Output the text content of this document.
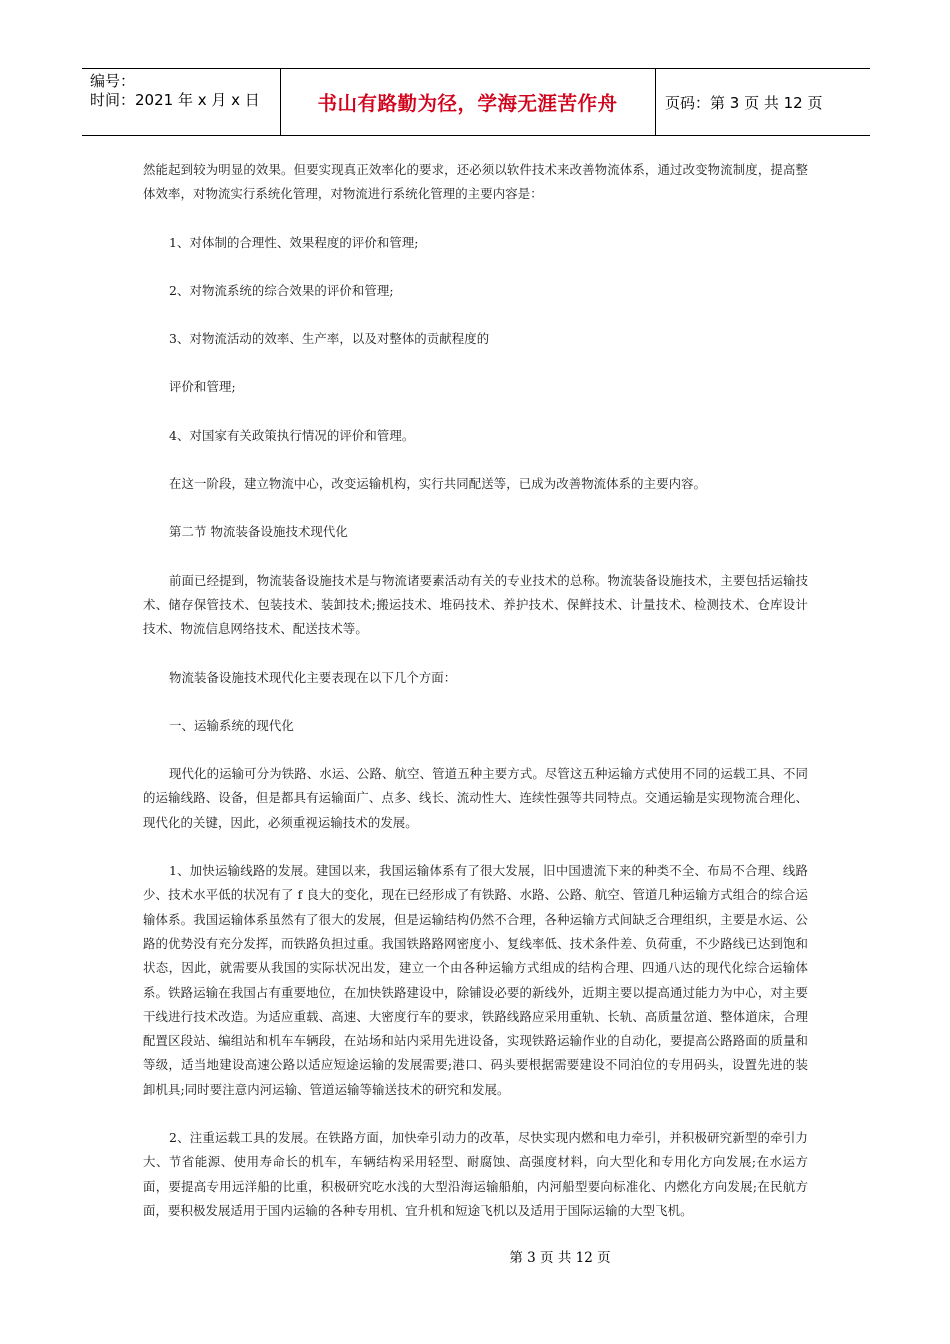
编号：
时间：2021 年 x 月 x 日	书山有路勤为径，学海无涯苦作舟	页码：第 3 页 共 12 页

然能起到较为明显的效果。但要实现真正效率化的要求，还必须以软件技术来改善物流体系，通过改变物流制度，提高整体效率，对物流实行系统化管理，对物流进行系统化管理的主要内容是：

1、对体制的合理性、效果程度的评价和管理;

2、对物流系统的综合效果的评价和管理;

3、对物流活动的效率、生产率，以及对整体的贡献程度的

评价和管理;

4、对国家有关政策执行情况的评价和管理。

在这一阶段，建立物流中心，改变运输机构，实行共同配送等，已成为改善物流体系的主要内容。

第二节 物流装备设施技术现代化

前面已经提到，物流装备设施技术是与物流诸要素活动有关的专业技术的总称。物流装备设施技术，主要包括运输技术、储存保管技术、包装技术、装卸技术;搬运技术、堆码技术、养护技术、保鲜技术、计量技术、检测技术、仓库设计技术、物流信息网络技术、配送技术等。

物流装备设施技术现代化主要表现在以下几个方面：

一、运输系统的现代化

现代化的运输可分为铁路、水运、公路、航空、管道五种主要方式。尽管这五种运输方式使用不同的运载工具、不同的运输线路、设备，但是都具有运输面广、点多、线长、流动性大、连续性强等共同特点。交通运输是实现物流合理化、现代化的关键，因此，必须重视运输技术的发展。

1、加快运输线路的发展。建国以来，我国运输体系有了很大发展，旧中国遗流下来的种类不全、布局不合理、线路少、技术水平低的状况有了 f 良大的变化，现在已经形成了有铁路、水路、公路、航空、管道几种运输方式组合的综合运输体系。我国运输体系虽然有了很大的发展，但是运输结构仍然不合理，各种运输方式间缺乏合理组织，主要是水运、公路的优势没有充分发挥，而铁路负担过重。我国铁路路网密度小、复线率低、技术条件差、负荷重，不少路线已达到饱和状态，因此，就需要从我国的实际状况出发，建立一个由各种运输方式组成的结构合理、四通八达的现代化综合运输体系。铁路运输在我国占有重要地位，在加快铁路建设中，除铺设必要的新线外，近期主要以提高通过能力为中心，对主要干线进行技术改造。为适应重载、高速、大密度行车的要求，铁路线路应采用重轨、长轨、高质量岔道、整体道床，合理配置区段站、编组站和机车车辆段，在站场和站内采用先进设备，实现铁路运输作业的自动化，要提高公路路面的质量和等级，适当地建设高速公路以适应短途运输的发展需要;港口、码头要根据需要建设不同泊位的专用码头，设置先进的装卸机具;同时要注意内河运输、管道运输等输送技术的研究和发展。

2、注重运载工具的发展。在铁路方面，加快牵引动力的改革，尽快实现内燃和电力牵引，并积极研究新型的牵引力大、节省能源、使用寿命长的机车，车辆结构采用轻型、耐腐蚀、高强度材料，向大型化和专用化方向发展;在水运方面，要提高专用远洋船的比重，积极研究吃水浅的大型沿海运输船舶，内河船型要向标准化、内燃化方向发展;在民航方面，要积极发展适用于国内运输的各种专用机、宜升机和短途飞机以及适用于国际运输的大型飞机。

第 3 页 共 12 页
